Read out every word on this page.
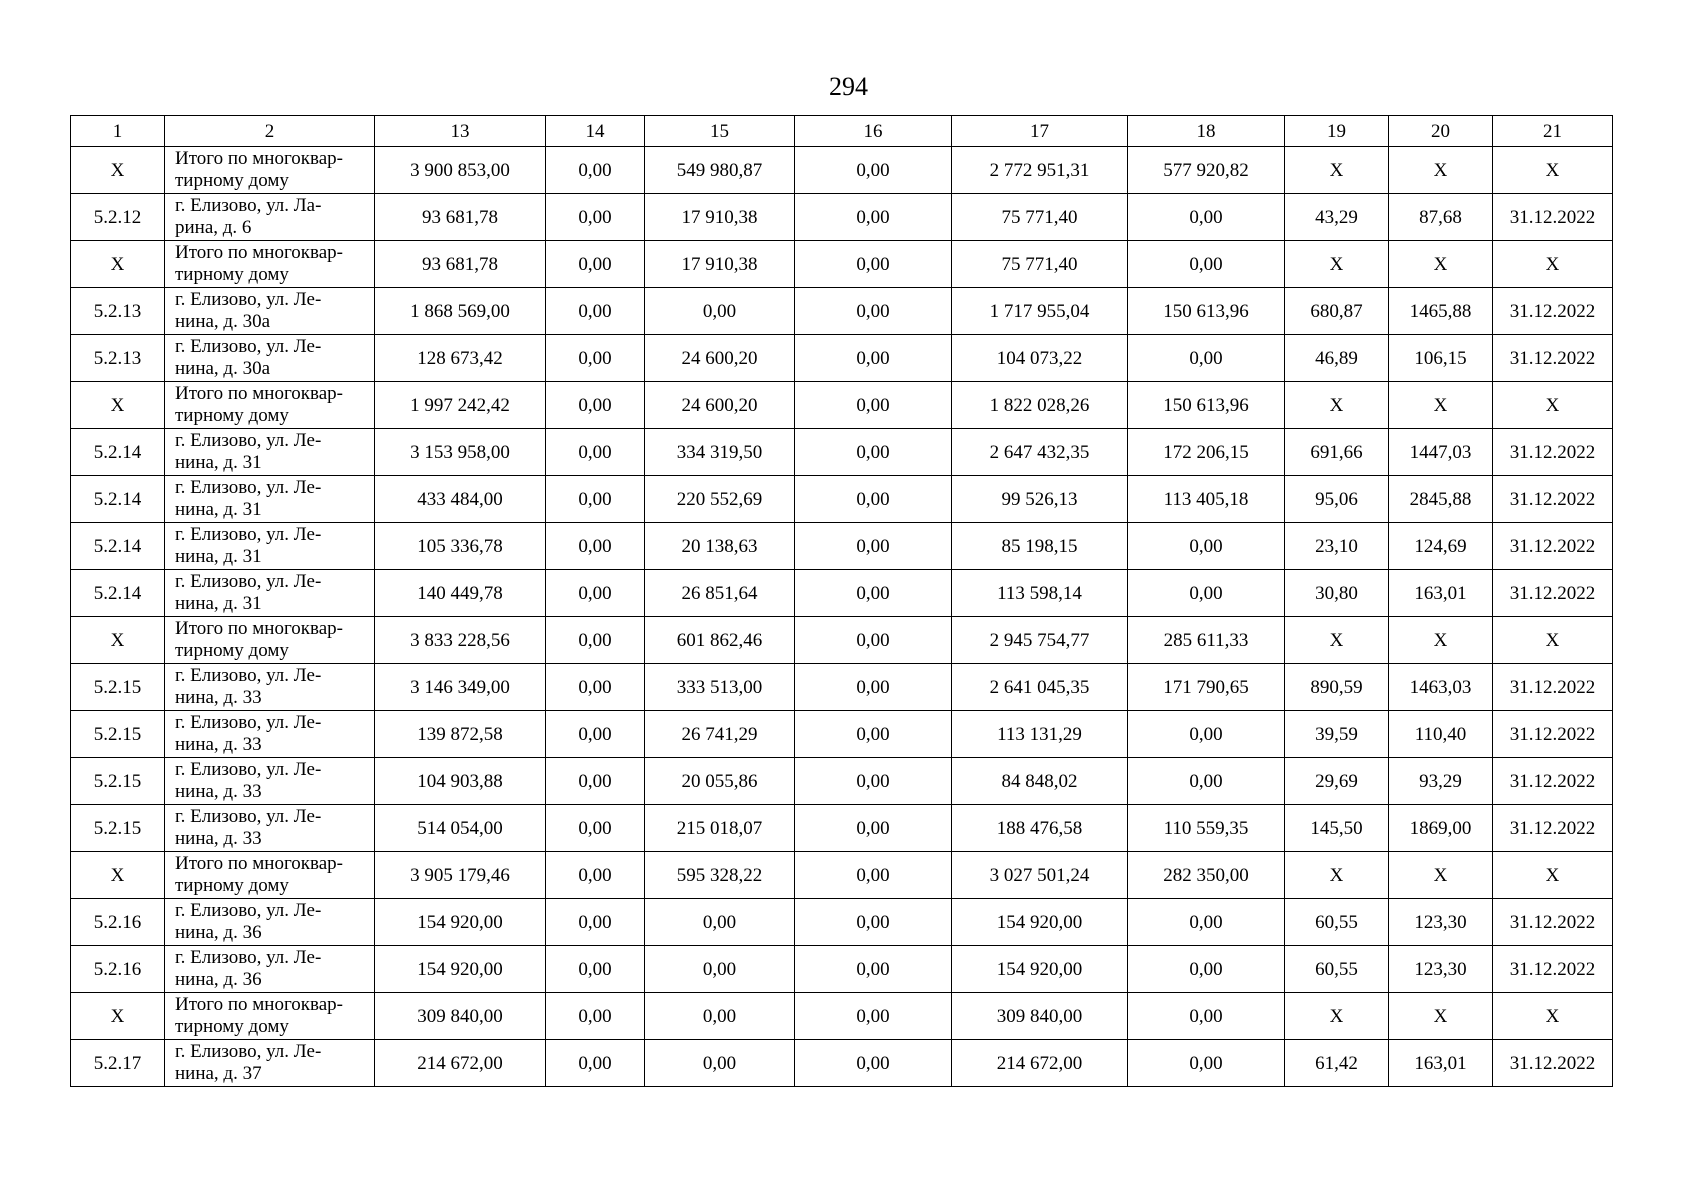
294
1	2	13	14	15	16	17	18	19	20	21
X	Итого по многоквар-
тирному дому	3 900 853,00	0,00	549 980,87	0,00	2 772 951,31	577 920,82	X	X	X
5.2.12	г. Елизово, ул. Ла-
рина, д. 6	93 681,78	0,00	17 910,38	0,00	75 771,40	0,00	43,29	87,68	31.12.2022
X	Итого по многоквар-
тирному дому	93 681,78	0,00	17 910,38	0,00	75 771,40	0,00	X	X	X
5.2.13	г. Елизово, ул. Ле-
нина, д. 30а	1 868 569,00	0,00	0,00	0,00	1 717 955,04	150 613,96	680,87	1465,88	31.12.2022
5.2.13	г. Елизово, ул. Ле-
нина, д. 30а	128 673,42	0,00	24 600,20	0,00	104 073,22	0,00	46,89	106,15	31.12.2022
X	Итого по многоквар-
тирному дому	1 997 242,42	0,00	24 600,20	0,00	1 822 028,26	150 613,96	X	X	X
5.2.14	г. Елизово, ул. Ле-
нина, д. 31	3 153 958,00	0,00	334 319,50	0,00	2 647 432,35	172 206,15	691,66	1447,03	31.12.2022
5.2.14	г. Елизово, ул. Ле-
нина, д. 31	433 484,00	0,00	220 552,69	0,00	99 526,13	113 405,18	95,06	2845,88	31.12.2022
5.2.14	г. Елизово, ул. Ле-
нина, д. 31	105 336,78	0,00	20 138,63	0,00	85 198,15	0,00	23,10	124,69	31.12.2022
5.2.14	г. Елизово, ул. Ле-
нина, д. 31	140 449,78	0,00	26 851,64	0,00	113 598,14	0,00	30,80	163,01	31.12.2022
X	Итого по многоквар-
тирному дому	3 833 228,56	0,00	601 862,46	0,00	2 945 754,77	285 611,33	X	X	X
5.2.15	г. Елизово, ул. Ле-
нина, д. 33	3 146 349,00	0,00	333 513,00	0,00	2 641 045,35	171 790,65	890,59	1463,03	31.12.2022
5.2.15	г. Елизово, ул. Ле-
нина, д. 33	139 872,58	0,00	26 741,29	0,00	113 131,29	0,00	39,59	110,40	31.12.2022
5.2.15	г. Елизово, ул. Ле-
нина, д. 33	104 903,88	0,00	20 055,86	0,00	84 848,02	0,00	29,69	93,29	31.12.2022
5.2.15	г. Елизово, ул. Ле-
нина, д. 33	514 054,00	0,00	215 018,07	0,00	188 476,58	110 559,35	145,50	1869,00	31.12.2022
X	Итого по многоквар-
тирному дому	3 905 179,46	0,00	595 328,22	0,00	3 027 501,24	282 350,00	X	X	X
5.2.16	г. Елизово, ул. Ле-
нина, д. 36	154 920,00	0,00	0,00	0,00	154 920,00	0,00	60,55	123,30	31.12.2022
5.2.16	г. Елизово, ул. Ле-
нина, д. 36	154 920,00	0,00	0,00	0,00	154 920,00	0,00	60,55	123,30	31.12.2022
X	Итого по многоквар-
тирному дому	309 840,00	0,00	0,00	0,00	309 840,00	0,00	X	X	X
5.2.17	г. Елизово, ул. Ле-
нина, д. 37	214 672,00	0,00	0,00	0,00	214 672,00	0,00	61,42	163,01	31.12.2022
